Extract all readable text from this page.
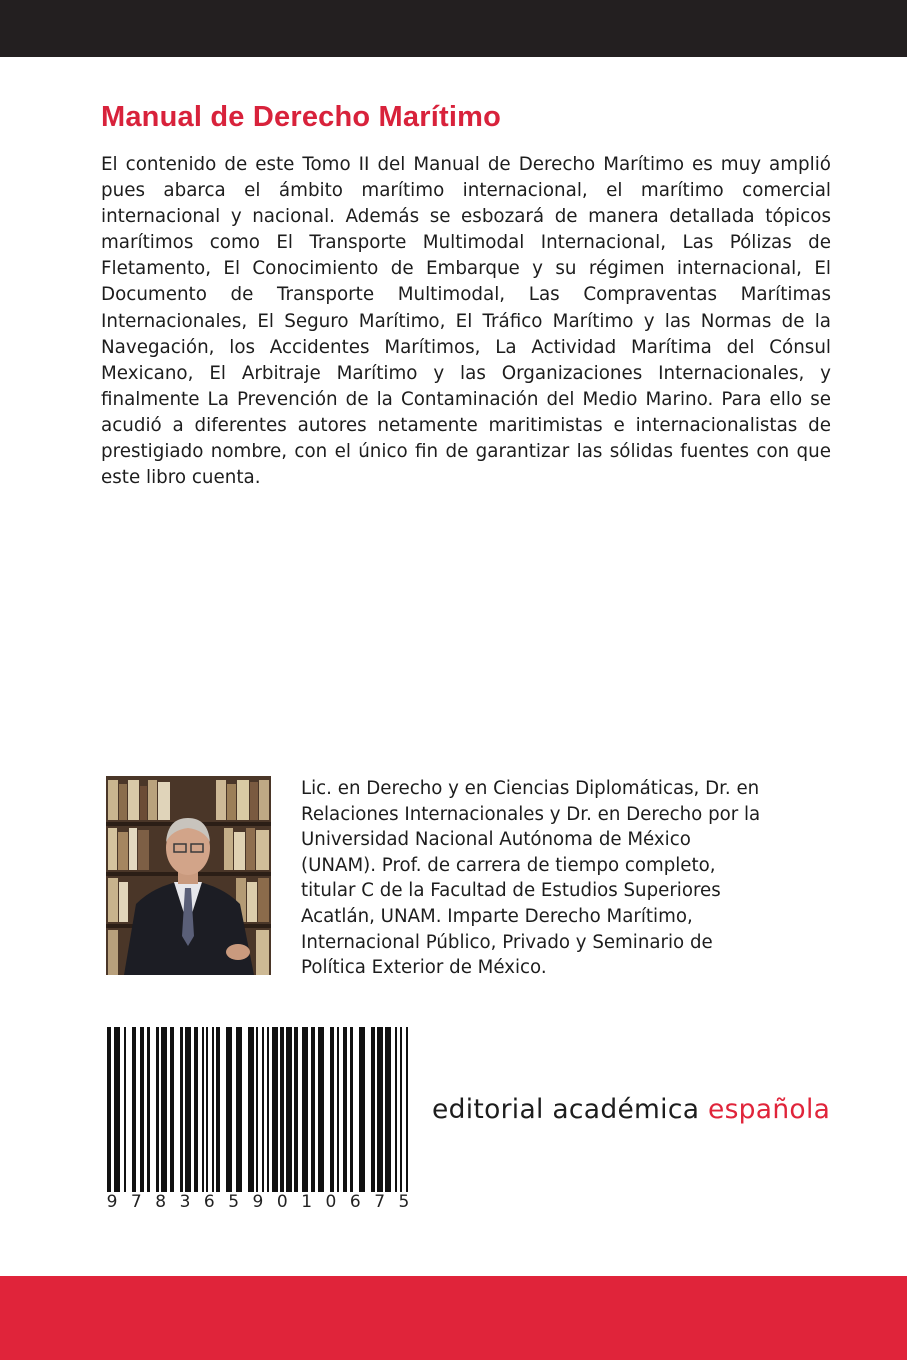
Manual de Derecho Marítimo

El contenido de este Tomo II del Manual de Derecho Marítimo es muy amplió pues abarca el ámbito marítimo internacional, el marítimo comercial internacional y nacional. Además se esbozará de manera detallada tópicos marítimos como El Transporte Multimodal Internacional, Las Pólizas de Fletamento, El Conocimiento de Embarque y su régimen internacional, El Documento de Transporte Multimodal, Las Compraventas Marítimas Internacionales, El Seguro Marítimo, El Tráfico Marítimo y las Normas de la Navegación, los Accidentes Marítimos, La Actividad Marítima del Cónsul Mexicano, El Arbitraje Marítimo y las Organizaciones Internacionales, y finalmente La Prevención de la Contaminación del Medio Marino. Para ello se acudió a diferentes autores netamente maritimistas e internacionalistas de prestigiado nombre, con el único fin de garantizar las sólidas fuentes con que este libro cuenta.

Lic. en Derecho y en Ciencias Diplomáticas, Dr. en
Relaciones Internacionales y Dr. en Derecho por la
Universidad Nacional Autónoma de México
(UNAM). Prof. de carrera de tiempo completo,
titular C de la Facultad de Estudios Superiores
Acatlán, UNAM. Imparte Derecho Marítimo,
Internacional Público, Privado y Seminario de
Política Exterior de México.
9 7 8 3 6 5 9 0 1 0 6 7 5

editorial académica española
